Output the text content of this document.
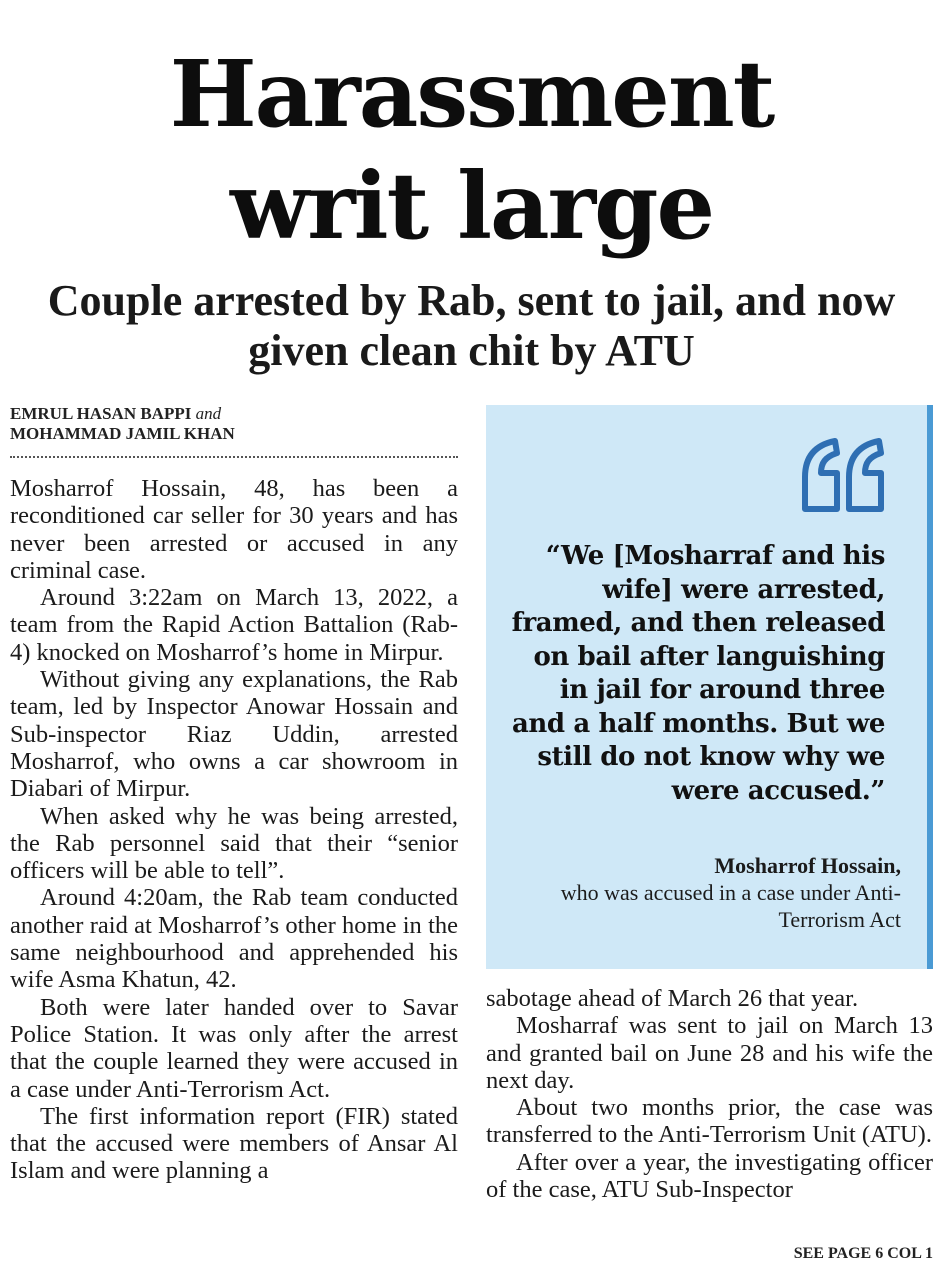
Harassment
writ large
Couple arrested by Rab, sent to jail, and now
given clean chit by ATU
EMRUL HASAN BAPPI and
MOHAMMAD JAMIL KHAN

Mosharrof Hossain, 48, has been a reconditioned car seller for 30 years and has never been arrested or accused in any criminal case.

Around 3:22am on March 13, 2022, a team from the Rapid Action Battalion (Rab-4) knocked on Mosharrof’s home in Mirpur.

Without giving any explanations, the Rab team, led by Inspector Anowar Hossain and Sub-inspector Riaz Uddin, arrested Mosharrof, who owns a car showroom in Diabari of Mirpur.

When asked why he was being arrested, the Rab personnel said that their “senior officers will be able to tell”.

Around 4:20am, the Rab team conducted another raid at Mosharrof’s other home in the same neighbourhood and apprehended his wife Asma Khatun, 42.

Both were later handed over to Savar Police Station. It was only after the arrest that the couple learned they were accused in a case under Anti-Terrorism Act.

The first information report (FIR) stated that the accused were members of Ansar Al Islam and were planning a

“We [Mosharraf and his wife] were arrested, framed, and then released on bail after languishing in jail for around three and a half months. But we still do not know why we were accused.”
Mosharrof Hossain,
who was accused in a case under Anti-Terrorism Act

sabotage ahead of March 26 that year.

Mosharraf was sent to jail on March 13 and granted bail on June 28 and his wife the next day.

About two months prior, the case was transferred to the Anti-Terrorism Unit (ATU).

After over a year, the investigating officer of the case, ATU Sub-Inspector

SEE PAGE 6 COL 1
